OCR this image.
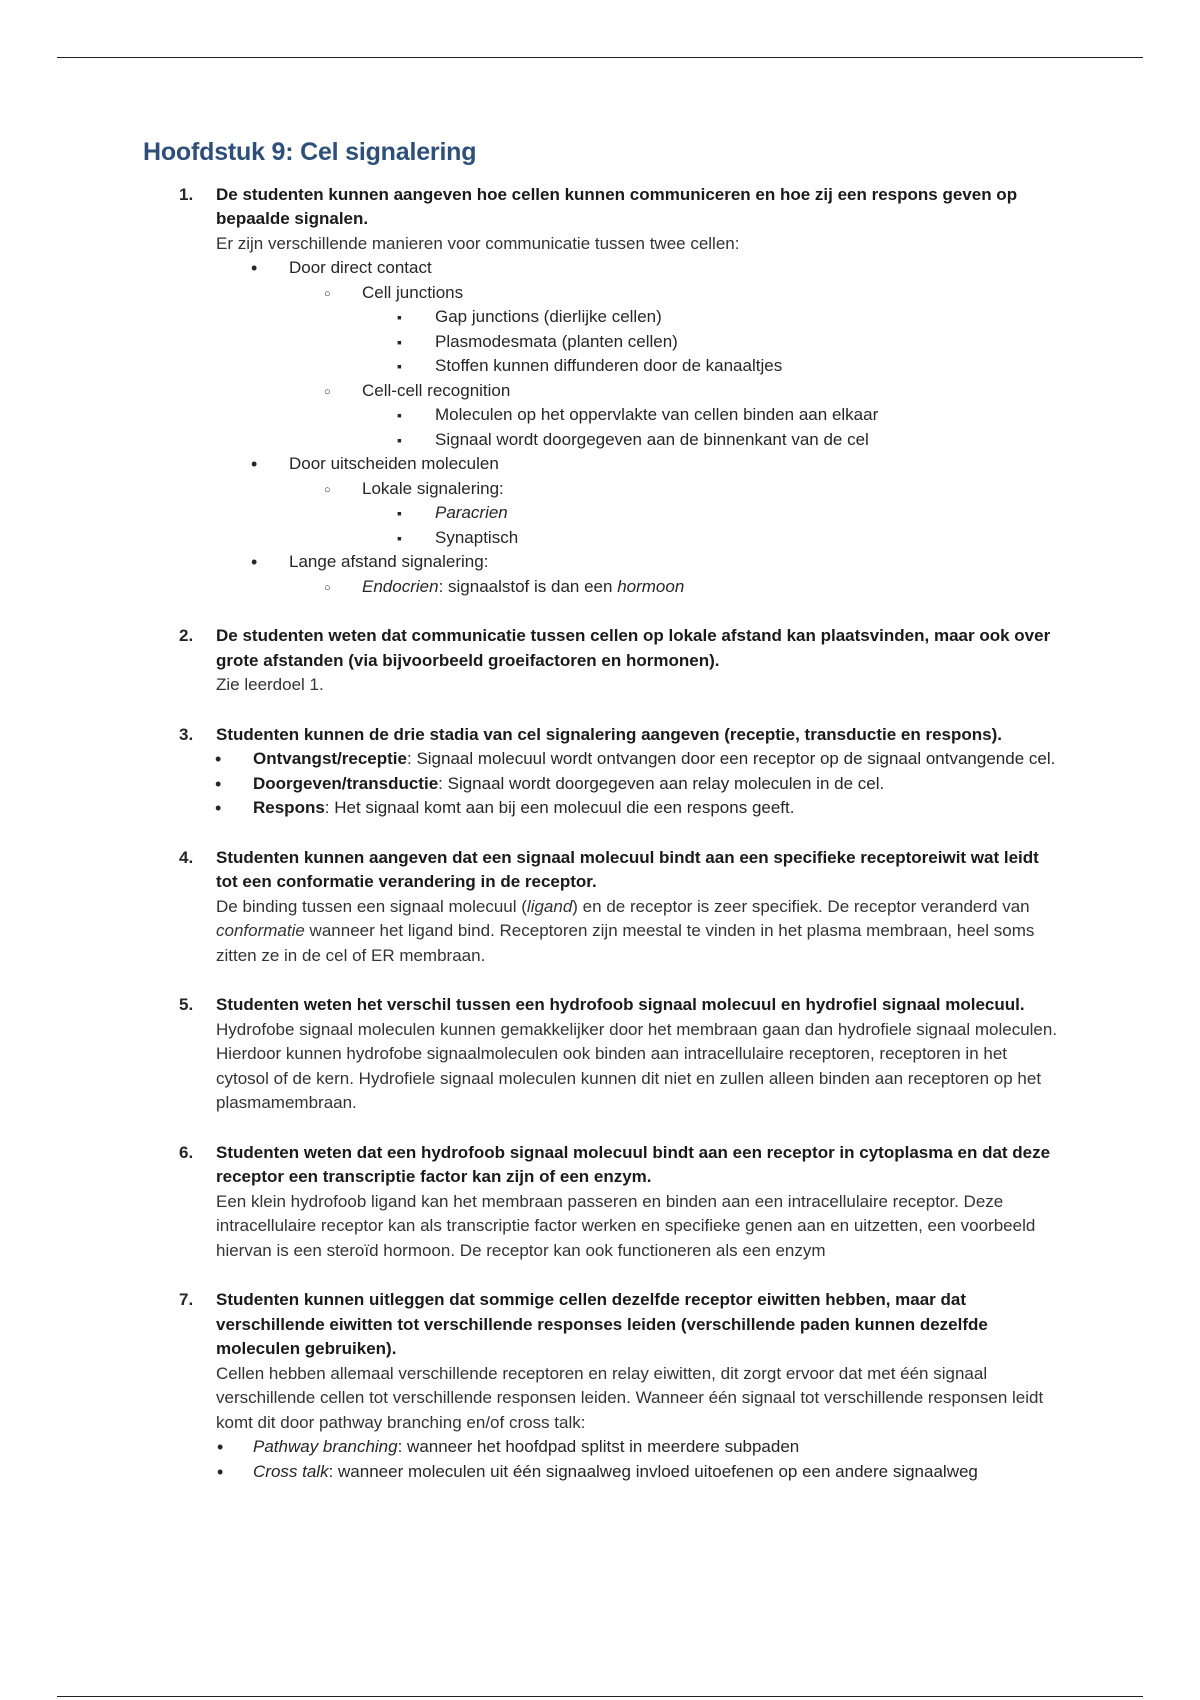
Hoofdstuk 9: Cel signalering
1. De studenten kunnen aangeven hoe cellen kunnen communiceren en hoe zij een respons geven op bepaalde signalen.
Er zijn verschillende manieren voor communicatie tussen twee cellen:
• Door direct contact
○ Cell junctions
▪ Gap junctions (dierlijke cellen)
▪ Plasmodesmata (planten cellen)
▪ Stoffen kunnen diffunderen door de kanaaltjes
○ Cell-cell recognition
▪ Moleculen op het oppervlakte van cellen binden aan elkaar
▪ Signaal wordt doorgegeven aan de binnenkant van de cel
• Door uitscheiden moleculen
○ Lokale signalering:
▪ Paracrien
▪ Synaptisch
• Lange afstand signalering:
○ Endocrien: signaalstof is dan een hormoon
2. De studenten weten dat communicatie tussen cellen op lokale afstand kan plaatsvinden, maar ook over grote afstanden (via bijvoorbeeld groeifactoren en hormonen).
Zie leerdoel 1.
3. Studenten kunnen de drie stadia van cel signalering aangeven (receptie, transductie en respons).
• Ontvangst/receptie: Signaal molecuul wordt ontvangen door een receptor op de signaal ontvangende cel.
• Doorgeven/transductie: Signaal wordt doorgegeven aan relay moleculen in de cel.
• Respons: Het signaal komt aan bij een molecuul die een respons geeft.
4. Studenten kunnen aangeven dat een signaal molecuul bindt aan een specifieke receptoreiwit wat leidt tot een conformatie verandering in de receptor.
De binding tussen een signaal molecuul (ligand) en de receptor is zeer specifiek. De receptor veranderd van conformatie wanneer het ligand bind. Receptoren zijn meestal te vinden in het plasma membraan, heel soms zitten ze in de cel of ER membraan.
5. Studenten weten het verschil tussen een hydrofoob signaal molecuul en hydrofiel signaal molecuul.
Hydrofobe signaal moleculen kunnen gemakkelijker door het membraan gaan dan hydrofiele signaal moleculen. Hierdoor kunnen hydrofobe signaalmoleculen ook binden aan intracellulaire receptoren, receptoren in het cytosol of de kern. Hydrofiele signaal moleculen kunnen dit niet en zullen alleen binden aan receptoren op het plasmamembraan.
6. Studenten weten dat een hydrofoob signaal molecuul bindt aan een receptor in cytoplasma en dat deze receptor een transcriptie factor kan zijn of een enzym.
Een klein hydrofoob ligand kan het membraan passeren en binden aan een intracellulaire receptor. Deze intracellulaire receptor kan als transcriptie factor werken en specifieke genen aan en uitzetten, een voorbeeld hiervan is een steroïd hormoon. De receptor kan ook functioneren als een enzym
7. Studenten kunnen uitleggen dat sommige cellen dezelfde receptor eiwitten hebben, maar dat verschillende eiwitten tot verschillende responses leiden (verschillende paden kunnen dezelfde moleculen gebruiken).
Cellen hebben allemaal verschillende receptoren en relay eiwitten, dit zorgt ervoor dat met één signaal verschillende cellen tot verschillende responsen leiden. Wanneer één signaal tot verschillende responsen leidt komt dit door pathway branching en/of cross talk:
• Pathway branching: wanneer het hoofdpad splitst in meerdere subpaden
• Cross talk: wanneer moleculen uit één signaalweg invloed uitoefenen op een andere signaalweg
